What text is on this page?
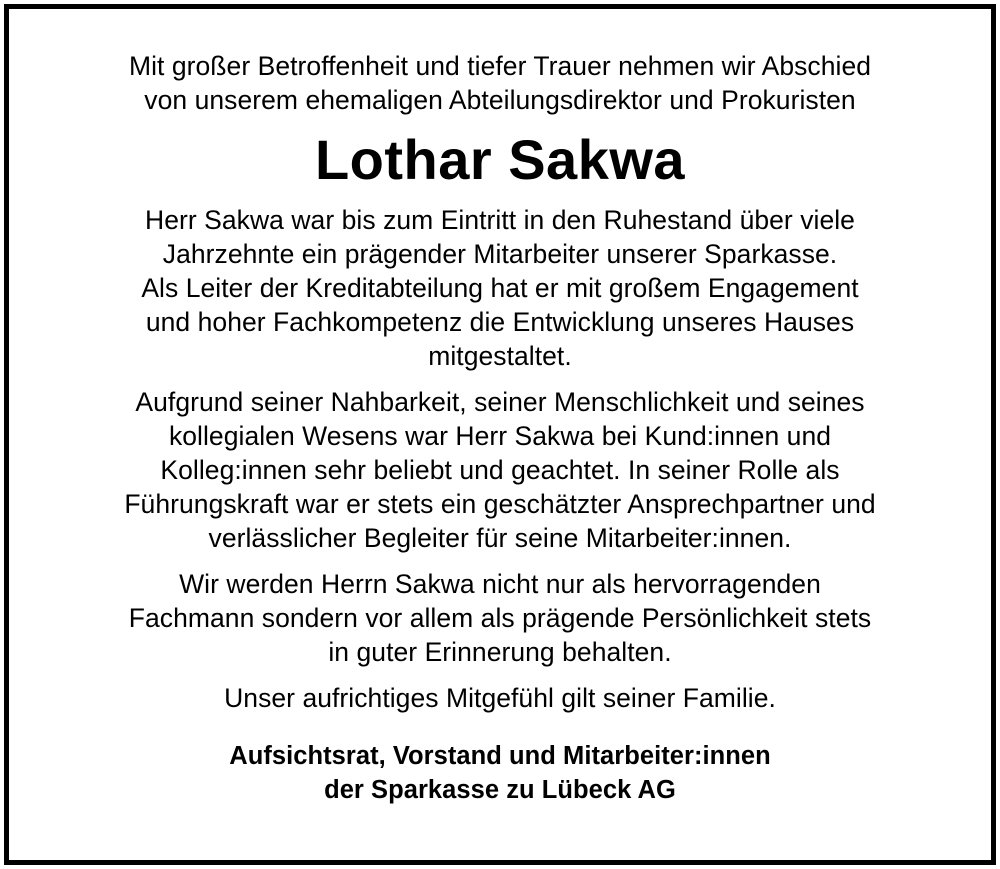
Mit großer Betroffenheit und tiefer Trauer nehmen wir Abschied
von unserem ehemaligen Abteilungsdirektor und Prokuristen
Lothar Sakwa
Herr Sakwa war bis zum Eintritt in den Ruhestand über viele
Jahrzehnte ein prägender Mitarbeiter unserer Sparkasse.
Als Leiter der Kreditabteilung hat er mit großem Engagement
und hoher Fachkompetenz die Entwicklung unseres Hauses
mitgestaltet.
Aufgrund seiner Nahbarkeit, seiner Menschlichkeit und seines
kollegialen Wesens war Herr Sakwa bei Kund:innen und
Kolleg:innen sehr beliebt und geachtet. In seiner Rolle als
Führungskraft war er stets ein geschätzter Ansprechpartner und
verlässlicher Begleiter für seine Mitarbeiter:innen.
Wir werden Herrn Sakwa nicht nur als hervorragenden
Fachmann sondern vor allem als prägende Persönlichkeit stets
in guter Erinnerung behalten.
Unser aufrichtiges Mitgefühl gilt seiner Familie.
Aufsichtsrat, Vorstand und Mitarbeiter:innen
der Sparkasse zu Lübeck AG
